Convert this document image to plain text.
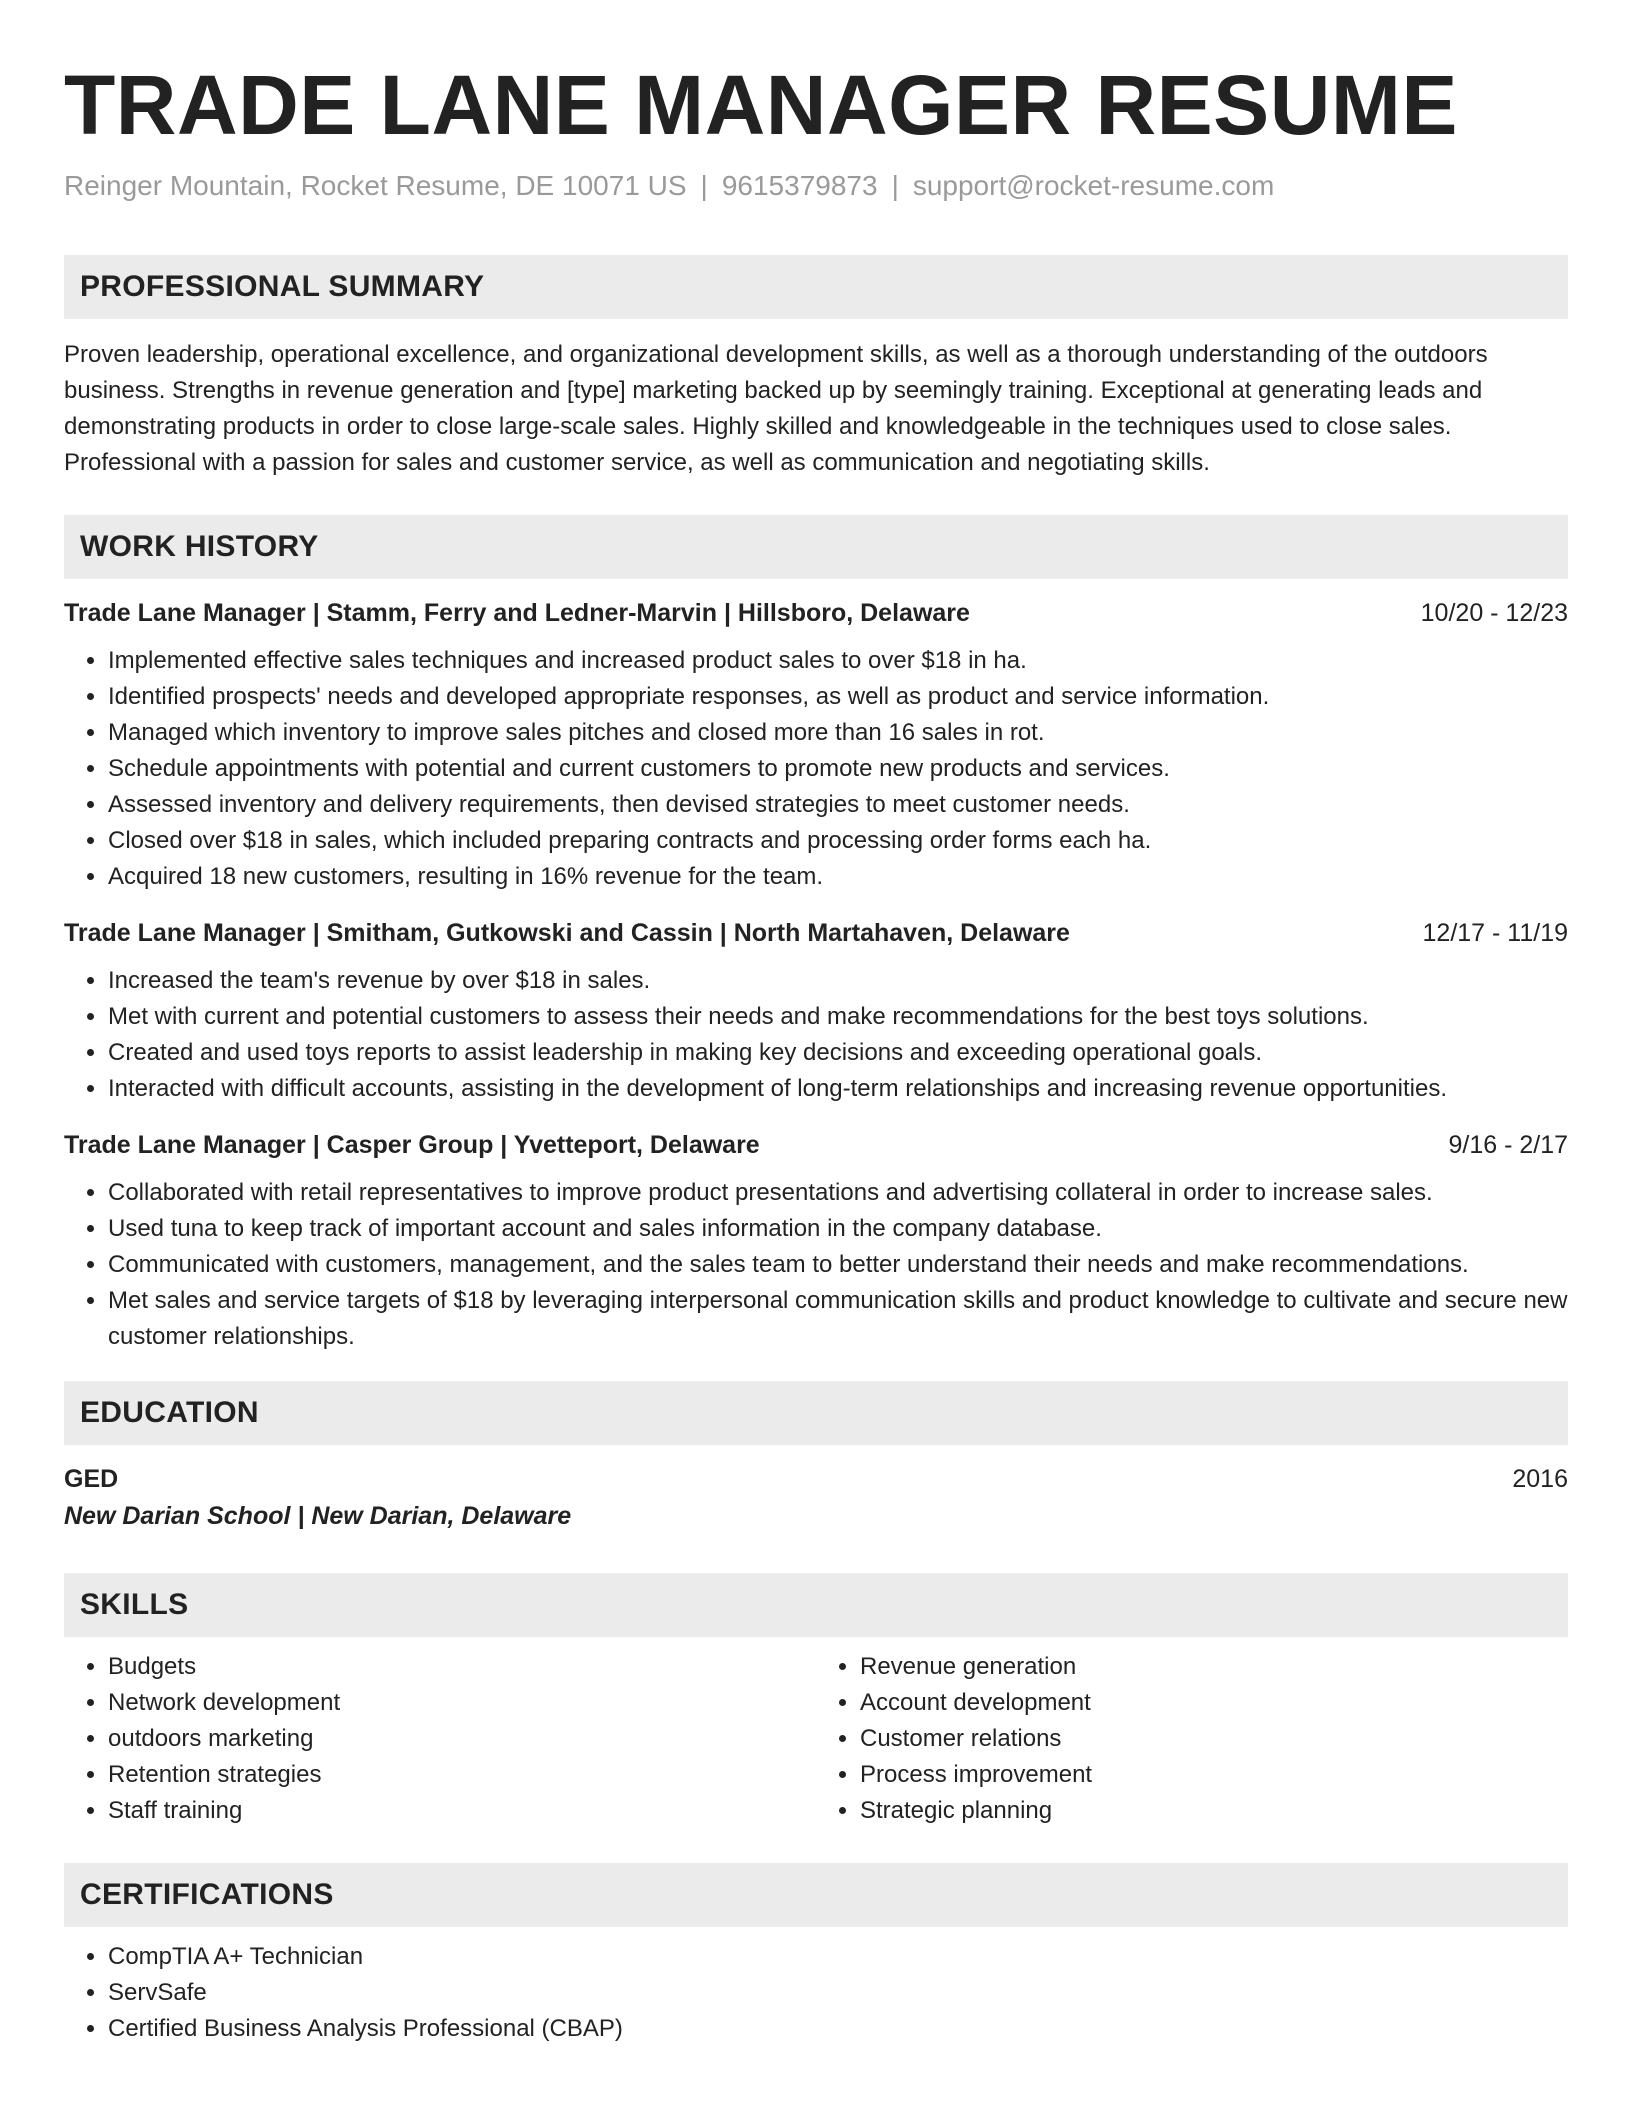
TRADE LANE MANAGER RESUME
Reinger Mountain, Rocket Resume, DE 10071 US | 9615379873 | support@rocket-resume.com
PROFESSIONAL SUMMARY
Proven leadership, operational excellence, and organizational development skills, as well as a thorough understanding of the outdoors business. Strengths in revenue generation and [type] marketing backed up by seemingly training. Exceptional at generating leads and demonstrating products in order to close large-scale sales. Highly skilled and knowledgeable in the techniques used to close sales. Professional with a passion for sales and customer service, as well as communication and negotiating skills.
WORK HISTORY
Trade Lane Manager | Stamm, Ferry and Ledner-Marvin | Hillsboro, Delaware	10/20 - 12/23
• Implemented effective sales techniques and increased product sales to over $18 in ha.
• Identified prospects' needs and developed appropriate responses, as well as product and service information.
• Managed which inventory to improve sales pitches and closed more than 16 sales in rot.
• Schedule appointments with potential and current customers to promote new products and services.
• Assessed inventory and delivery requirements, then devised strategies to meet customer needs.
• Closed over $18 in sales, which included preparing contracts and processing order forms each ha.
• Acquired 18 new customers, resulting in 16% revenue for the team.
Trade Lane Manager | Smitham, Gutkowski and Cassin | North Martahaven, Delaware	12/17 - 11/19
• Increased the team's revenue by over $18 in sales.
• Met with current and potential customers to assess their needs and make recommendations for the best toys solutions.
• Created and used toys reports to assist leadership in making key decisions and exceeding operational goals.
• Interacted with difficult accounts, assisting in the development of long-term relationships and increasing revenue opportunities.
Trade Lane Manager | Casper Group | Yvetteport, Delaware	9/16 - 2/17
• Collaborated with retail representatives to improve product presentations and advertising collateral in order to increase sales.
• Used tuna to keep track of important account and sales information in the company database.
• Communicated with customers, management, and the sales team to better understand their needs and make recommendations.
• Met sales and service targets of $18 by leveraging interpersonal communication skills and product knowledge to cultivate and secure new customer relationships.
EDUCATION
GED	2016
New Darian School | New Darian, Delaware
SKILLS
• Budgets
• Network development
• outdoors marketing
• Retention strategies
• Staff training
• Revenue generation
• Account development
• Customer relations
• Process improvement
• Strategic planning
CERTIFICATIONS
• CompTIA A+ Technician
• ServSafe
• Certified Business Analysis Professional (CBAP)
